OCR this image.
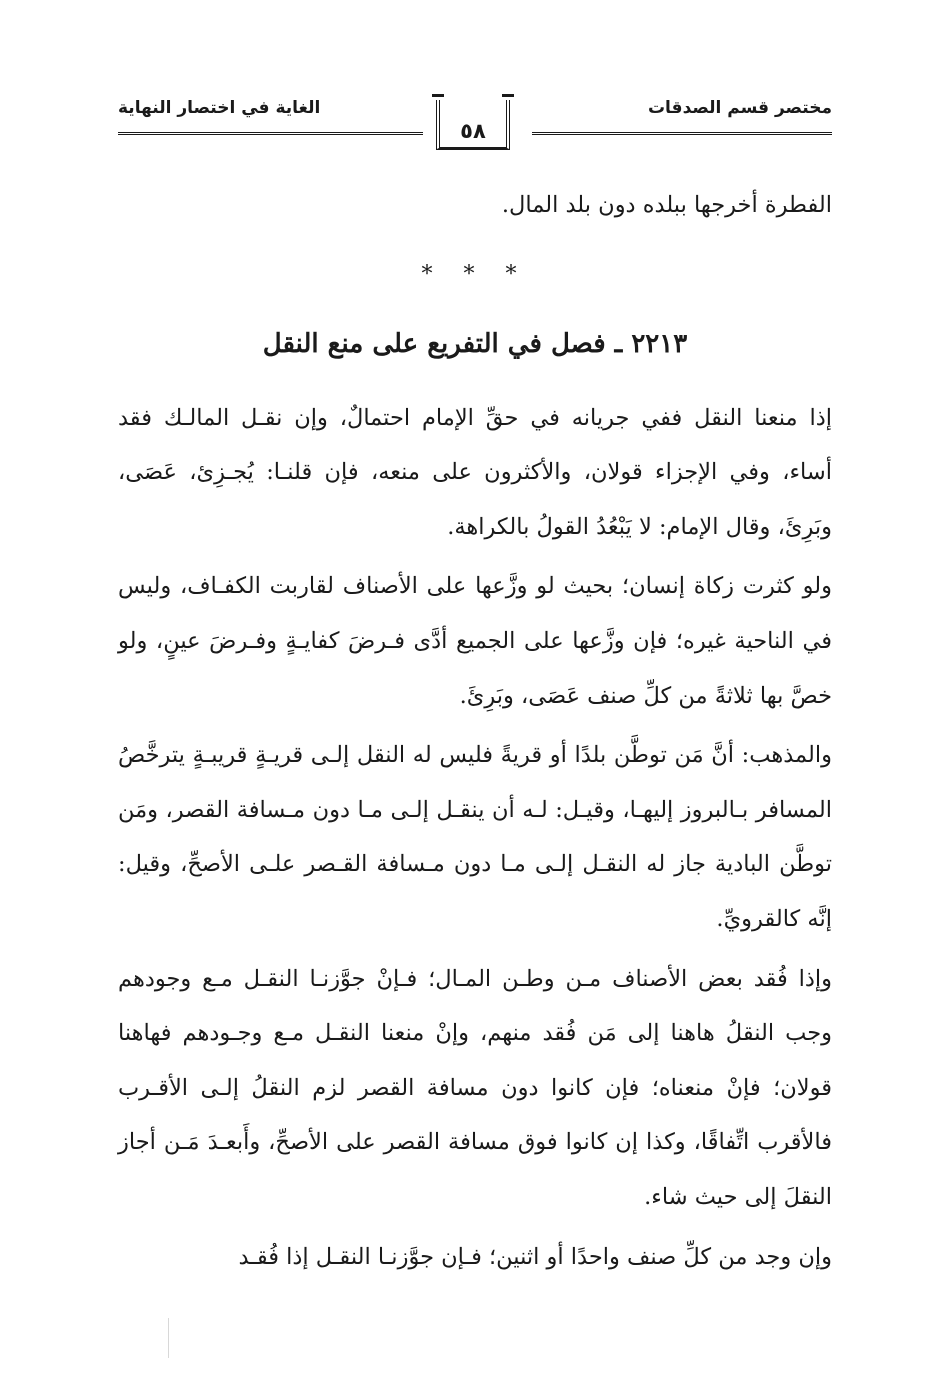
مختصر قسم الصدقات
الغاية في اختصار النهاية
٥٨

الفطرة أخرجها ببلده دون بلد المال.

* * *
٢٢١٣ ـ فصل في التفريع على منع النقل

إذا منعنا النقل ففي جريانه في حقِّ الإمام احتمالٌ، وإن نقـل المالـك فقد أساء، وفي الإجزاء قولان، والأكثرون على منعه، فإن قلنـا: يُجـزِئ، عَصَى، وبَرِئَ، وقال الإمام: لا يَبْعُدُ القولُ بالكراهة.

ولو كثرت زكاة إنسان؛ بحيث لو وزَّعها على الأصناف لقاربت الكفـاف، وليس في الناحية غيره؛ فإن وزَّعها على الجميع أدَّى فـرضَ كفايـةٍ وفـرضَ عينٍ، ولو خصَّ بها ثلاثةً من كلِّ صنف عَصَى، وبَرِئَ.

والمذهب: أنَّ مَن توطَّن بلدًا أو قريةً فليس له النقل إلـى قريـةٍ قريبـةٍ يترخَّصُ المسافر بـالبروز إليهـا، وقيـل: لـه أن ينقـل إلـى مـا دون مـسافة القصر، ومَن توطَّن البادية جاز له النقـل إلـى مـا دون مـسافة القـصر علـى الأصحِّ، وقيل: إنَّه كالقرويِّ.

وإذا فُقد بعض الأصناف مـن وطـن المـال؛ فـإنْ جوَّزنـا النقـل مـع وجودهم وجب النقلُ هاهنا إلى مَن فُقد منهم، وإنْ منعنا النقـل مـع وجـودهم فهاهنا قولان؛ فإنْ منعناه؛ فإن كانوا دون مسافة القصر لزم النقلُ إلـى الأقـرب فالأقرب اتِّفاقًا، وكذا إن كانوا فوق مسافة القصر على الأصحِّ، وأَبعـدَ مَـن أجاز النقلَ إلى حيث شاء.

وإن وجد من كلِّ صنف واحدًا أو اثنين؛ فـإن جوَّزنـا النقـل إذا فُقـد
